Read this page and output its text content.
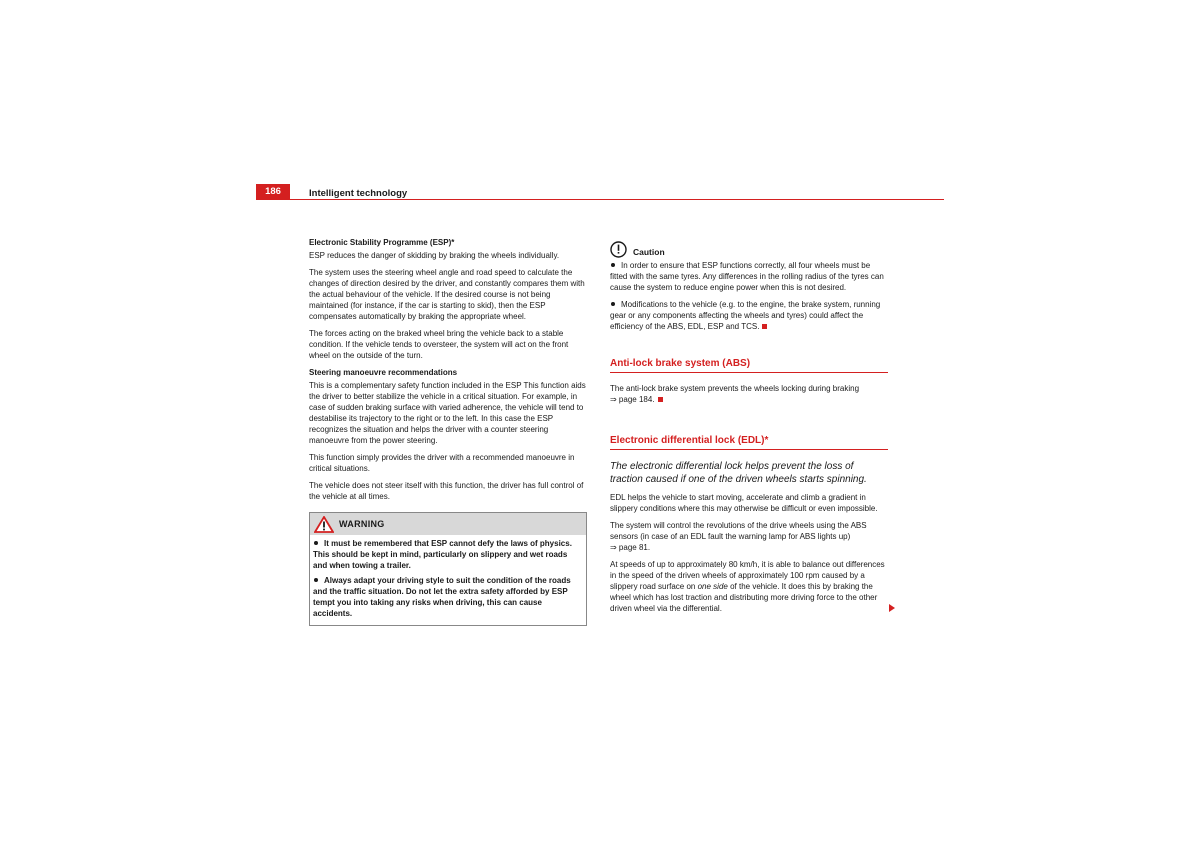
186	Intelligent technology
Electronic Stability Programme (ESP)*

ESP reduces the danger of skidding by braking the wheels individually.

The system uses the steering wheel angle and road speed to calculate the changes of direction desired by the driver, and constantly compares them with the actual behaviour of the vehicle. If the desired course is not being maintained (for instance, if the car is starting to skid), then the ESP compensates automatically by braking the appropriate wheel.

The forces acting on the braked wheel bring the vehicle back to a stable condition. If the vehicle tends to oversteer, the system will act on the front wheel on the outside of the turn.

Steering manoeuvre recommendations

This is a complementary safety function included in the ESP This function aids the driver to better stabilize the vehicle in a critical situation. For example, in case of sudden braking surface with varied adherence, the vehicle will tend to destabilise its trajectory to the right or to the left. In this case the ESP recognizes the situation and helps the driver with a counter steering manoeuvre from the power steering.

This function simply provides the driver with a recommended manoeuvre in critical situations.

The vehicle does not steer itself with this function, the driver has full control of the vehicle at all times.

WARNING

It must be remembered that ESP cannot defy the laws of physics. This should be kept in mind, particularly on slippery and wet roads and when towing a trailer.

Always adapt your driving style to suit the condition of the roads and the traffic situation. Do not let the extra safety afforded by ESP tempt you into taking any risks when driving, this can cause accidents.

Caution

In order to ensure that ESP functions correctly, all four wheels must be fitted with the same tyres. Any differences in the rolling radius of the tyres can cause the system to reduce engine power when this is not desired.

Modifications to the vehicle (e.g. to the engine, the brake system, running gear or any components affecting the wheels and tyres) could affect the efficiency of the ABS, EDL, ESP and TCS.

Anti-lock brake system (ABS)

The anti-lock brake system prevents the wheels locking during braking
⇒ page 184.

Electronic differential lock (EDL)*

The electronic differential lock helps prevent the loss of traction caused if one of the driven wheels starts spinning.

EDL helps the vehicle to start moving, accelerate and climb a gradient in slippery conditions where this may otherwise be difficult or even impossible.

The system will control the revolutions of the drive wheels using the ABS sensors (in case of an EDL fault the warning lamp for ABS lights up)
⇒ page 81.

At speeds of up to approximately 80 km/h, it is able to balance out differences in the speed of the driven wheels of approximately 100 rpm caused by a slippery road surface on one side of the vehicle. It does this by braking the wheel which has lost traction and distributing more driving force to the other driven wheel via the differential.
